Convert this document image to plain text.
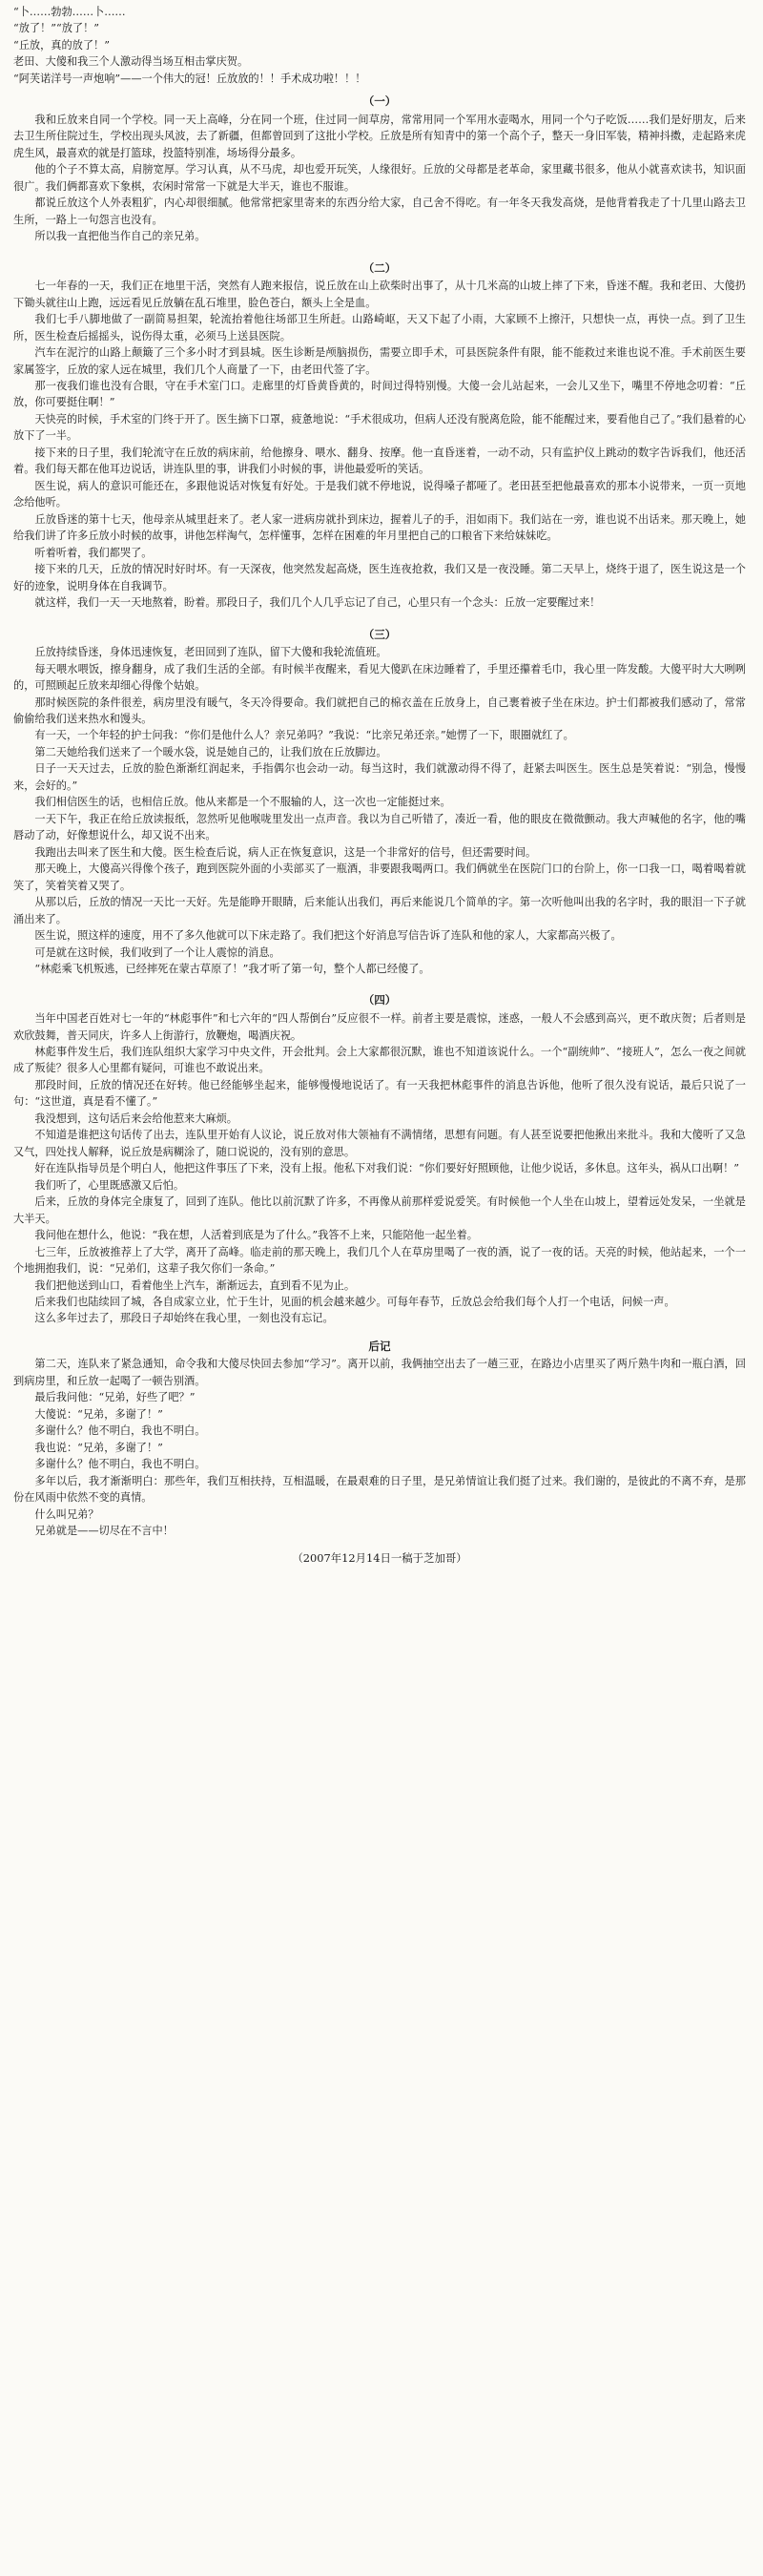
“卜……勃勃……卜……

“放了！”“放了！”

“丘放，真的放了！”

老田、大傻和我三个人激动得当场互相击掌庆贺。

“阿芙诺洋号一声炮响”——一个伟大的冠！丘放放的！！手术成功啦！！！

（一）

我和丘放来自同一个学校。同一天上高峰，分在同一个班，住过同一间草房，常常用同一个军用水壶喝水，用同一个勺子吃饭……我们是好朋友，后来去卫生所住院过生，学校出现头风波，去了新疆，但都曾回到了这批小学校。丘放是所有知青中的第一个高个子，整天一身旧军装，精神抖擞，走起路来虎虎生风，最喜欢的就是打篮球，投篮特别准，场场得分最多。

他的个子不算太高，肩膀宽厚。学习认真，从不马虎，却也爱开玩笑，人缘很好。丘放的父母都是老革命，家里藏书很多，他从小就喜欢读书，知识面很广。我们俩都喜欢下象棋，农闲时常常一下就是大半天，谁也不服谁。

都说丘放这个人外表粗犷，内心却很细腻。他常常把家里寄来的东西分给大家，自己舍不得吃。有一年冬天我发高烧，是他背着我走了十几里山路去卫生所，一路上一句怨言也没有。

所以我一直把他当作自己的亲兄弟。

（二）

七一年春的一天，我们正在地里干活，突然有人跑来报信，说丘放在山上砍柴时出事了，从十几米高的山坡上摔了下来，昏迷不醒。我和老田、大傻扔下锄头就往山上跑，远远看见丘放躺在乱石堆里，脸色苍白，额头上全是血。

我们七手八脚地做了一副简易担架，轮流抬着他往场部卫生所赶。山路崎岖，天又下起了小雨，大家顾不上擦汗，只想快一点，再快一点。到了卫生所，医生检查后摇摇头，说伤得太重，必须马上送县医院。

汽车在泥泞的山路上颠簸了三个多小时才到县城。医生诊断是颅脑损伤，需要立即手术，可县医院条件有限，能不能救过来谁也说不准。手术前医生要家属签字，丘放的家人远在城里，我们几个人商量了一下，由老田代签了字。

那一夜我们谁也没有合眼，守在手术室门口。走廊里的灯昏黄昏黄的，时间过得特别慢。大傻一会儿站起来，一会儿又坐下，嘴里不停地念叨着：“丘放，你可要挺住啊！”

天快亮的时候，手术室的门终于开了。医生摘下口罩，疲惫地说：“手术很成功，但病人还没有脱离危险，能不能醒过来，要看他自己了。”我们悬着的心放下了一半。

接下来的日子里，我们轮流守在丘放的病床前，给他擦身、喂水、翻身、按摩。他一直昏迷着，一动不动，只有监护仪上跳动的数字告诉我们，他还活着。我们每天都在他耳边说话，讲连队里的事，讲我们小时候的事，讲他最爱听的笑话。

医生说，病人的意识可能还在，多跟他说话对恢复有好处。于是我们就不停地说，说得嗓子都哑了。老田甚至把他最喜欢的那本小说带来，一页一页地念给他听。

丘放昏迷的第十七天，他母亲从城里赶来了。老人家一进病房就扑到床边，握着儿子的手，泪如雨下。我们站在一旁，谁也说不出话来。那天晚上，她给我们讲了许多丘放小时候的故事，讲他怎样淘气，怎样懂事，怎样在困难的年月里把自己的口粮省下来给妹妹吃。

听着听着，我们都哭了。

接下来的几天，丘放的情况时好时坏。有一天深夜，他突然发起高烧，医生连夜抢救，我们又是一夜没睡。第二天早上，烧终于退了，医生说这是一个好的迹象，说明身体在自我调节。

就这样，我们一天一天地熬着，盼着。那段日子，我们几个人几乎忘记了自己，心里只有一个念头：丘放一定要醒过来！

（三）

丘放持续昏迷，身体迅速恢复，老田回到了连队，留下大傻和我轮流值班。

每天喂水喂饭，擦身翻身，成了我们生活的全部。有时候半夜醒来，看见大傻趴在床边睡着了，手里还攥着毛巾，我心里一阵发酸。大傻平时大大咧咧的，可照顾起丘放来却细心得像个姑娘。

那时候医院的条件很差，病房里没有暖气，冬天冷得要命。我们就把自己的棉衣盖在丘放身上，自己裹着被子坐在床边。护士们都被我们感动了，常常偷偷给我们送来热水和馒头。

有一天，一个年轻的护士问我：“你们是他什么人？亲兄弟吗？”我说：“比亲兄弟还亲。”她愣了一下，眼圈就红了。

第二天她给我们送来了一个暖水袋，说是她自己的，让我们放在丘放脚边。

日子一天天过去，丘放的脸色渐渐红润起来，手指偶尔也会动一动。每当这时，我们就激动得不得了，赶紧去叫医生。医生总是笑着说：“别急，慢慢来，会好的。”

我们相信医生的话，也相信丘放。他从来都是一个不服输的人，这一次也一定能挺过来。

一天下午，我正在给丘放读报纸，忽然听见他喉咙里发出一点声音。我以为自己听错了，凑近一看，他的眼皮在微微颤动。我大声喊他的名字，他的嘴唇动了动，好像想说什么，却又说不出来。

我跑出去叫来了医生和大傻。医生检查后说，病人正在恢复意识，这是一个非常好的信号，但还需要时间。

那天晚上，大傻高兴得像个孩子，跑到医院外面的小卖部买了一瓶酒，非要跟我喝两口。我们俩就坐在医院门口的台阶上，你一口我一口，喝着喝着就笑了，笑着笑着又哭了。

从那以后，丘放的情况一天比一天好。先是能睁开眼睛，后来能认出我们，再后来能说几个简单的字。第一次听他叫出我的名字时，我的眼泪一下子就涌出来了。

医生说，照这样的速度，用不了多久他就可以下床走路了。我们把这个好消息写信告诉了连队和他的家人，大家都高兴极了。

可是就在这时候，我们收到了一个让人震惊的消息。

“林彪乘飞机叛逃，已经摔死在蒙古草原了！”我才听了第一句，整个人都已经傻了。

（四）

当年中国老百姓对七一年的“林彪事件”和七六年的“四人帮倒台”反应很不一样。前者主要是震惊，迷惑，一般人不会感到高兴，更不敢庆贺；后者则是欢欣鼓舞，普天同庆，许多人上街游行，放鞭炮，喝酒庆祝。

林彪事件发生后，我们连队组织大家学习中央文件，开会批判。会上大家都很沉默，谁也不知道该说什么。一个“副统帅”、“接班人”，怎么一夜之间就成了叛徒？很多人心里都有疑问，可谁也不敢说出来。

那段时间，丘放的情况还在好转。他已经能够坐起来，能够慢慢地说话了。有一天我把林彪事件的消息告诉他，他听了很久没有说话，最后只说了一句：“这世道，真是看不懂了。”

我没想到，这句话后来会给他惹来大麻烦。

不知道是谁把这句话传了出去，连队里开始有人议论，说丘放对伟大领袖有不满情绪，思想有问题。有人甚至说要把他揪出来批斗。我和大傻听了又急又气，四处找人解释，说丘放是病糊涂了，随口说说的，没有别的意思。

好在连队指导员是个明白人，他把这件事压了下来，没有上报。他私下对我们说：“你们要好好照顾他，让他少说话，多休息。这年头，祸从口出啊！”

我们听了，心里既感激又后怕。

后来，丘放的身体完全康复了，回到了连队。他比以前沉默了许多，不再像从前那样爱说爱笑。有时候他一个人坐在山坡上，望着远处发呆，一坐就是大半天。

我问他在想什么，他说：“我在想，人活着到底是为了什么。”我答不上来，只能陪他一起坐着。

七三年，丘放被推荐上了大学，离开了高峰。临走前的那天晚上，我们几个人在草房里喝了一夜的酒，说了一夜的话。天亮的时候，他站起来，一个一个地拥抱我们，说：“兄弟们，这辈子我欠你们一条命。”

我们把他送到山口，看着他坐上汽车，渐渐远去，直到看不见为止。

后来我们也陆续回了城，各自成家立业，忙于生计，见面的机会越来越少。可每年春节，丘放总会给我们每个人打一个电话，问候一声。

这么多年过去了，那段日子却始终在我心里，一刻也没有忘记。

后记

第二天，连队来了紧急通知，命令我和大傻尽快回去参加“学习”。离开以前，我俩抽空出去了一趟三亚，在路边小店里买了两斤熟牛肉和一瓶白酒，回到病房里，和丘放一起喝了一顿告别酒。

最后我问他：“兄弟，好些了吧？”

大傻说：“兄弟，多谢了！”

多谢什么？他不明白，我也不明白。

我也说：“兄弟，多谢了！”

多谢什么？他不明白，我也不明白。

多年以后，我才渐渐明白：那些年，我们互相扶持，互相温暖，在最艰难的日子里，是兄弟情谊让我们挺了过来。我们谢的，是彼此的不离不弃，是那份在风雨中依然不变的真情。

什么叫兄弟？

兄弟就是——切尽在不言中！

（2007年12月14日一稿于芝加哥）
